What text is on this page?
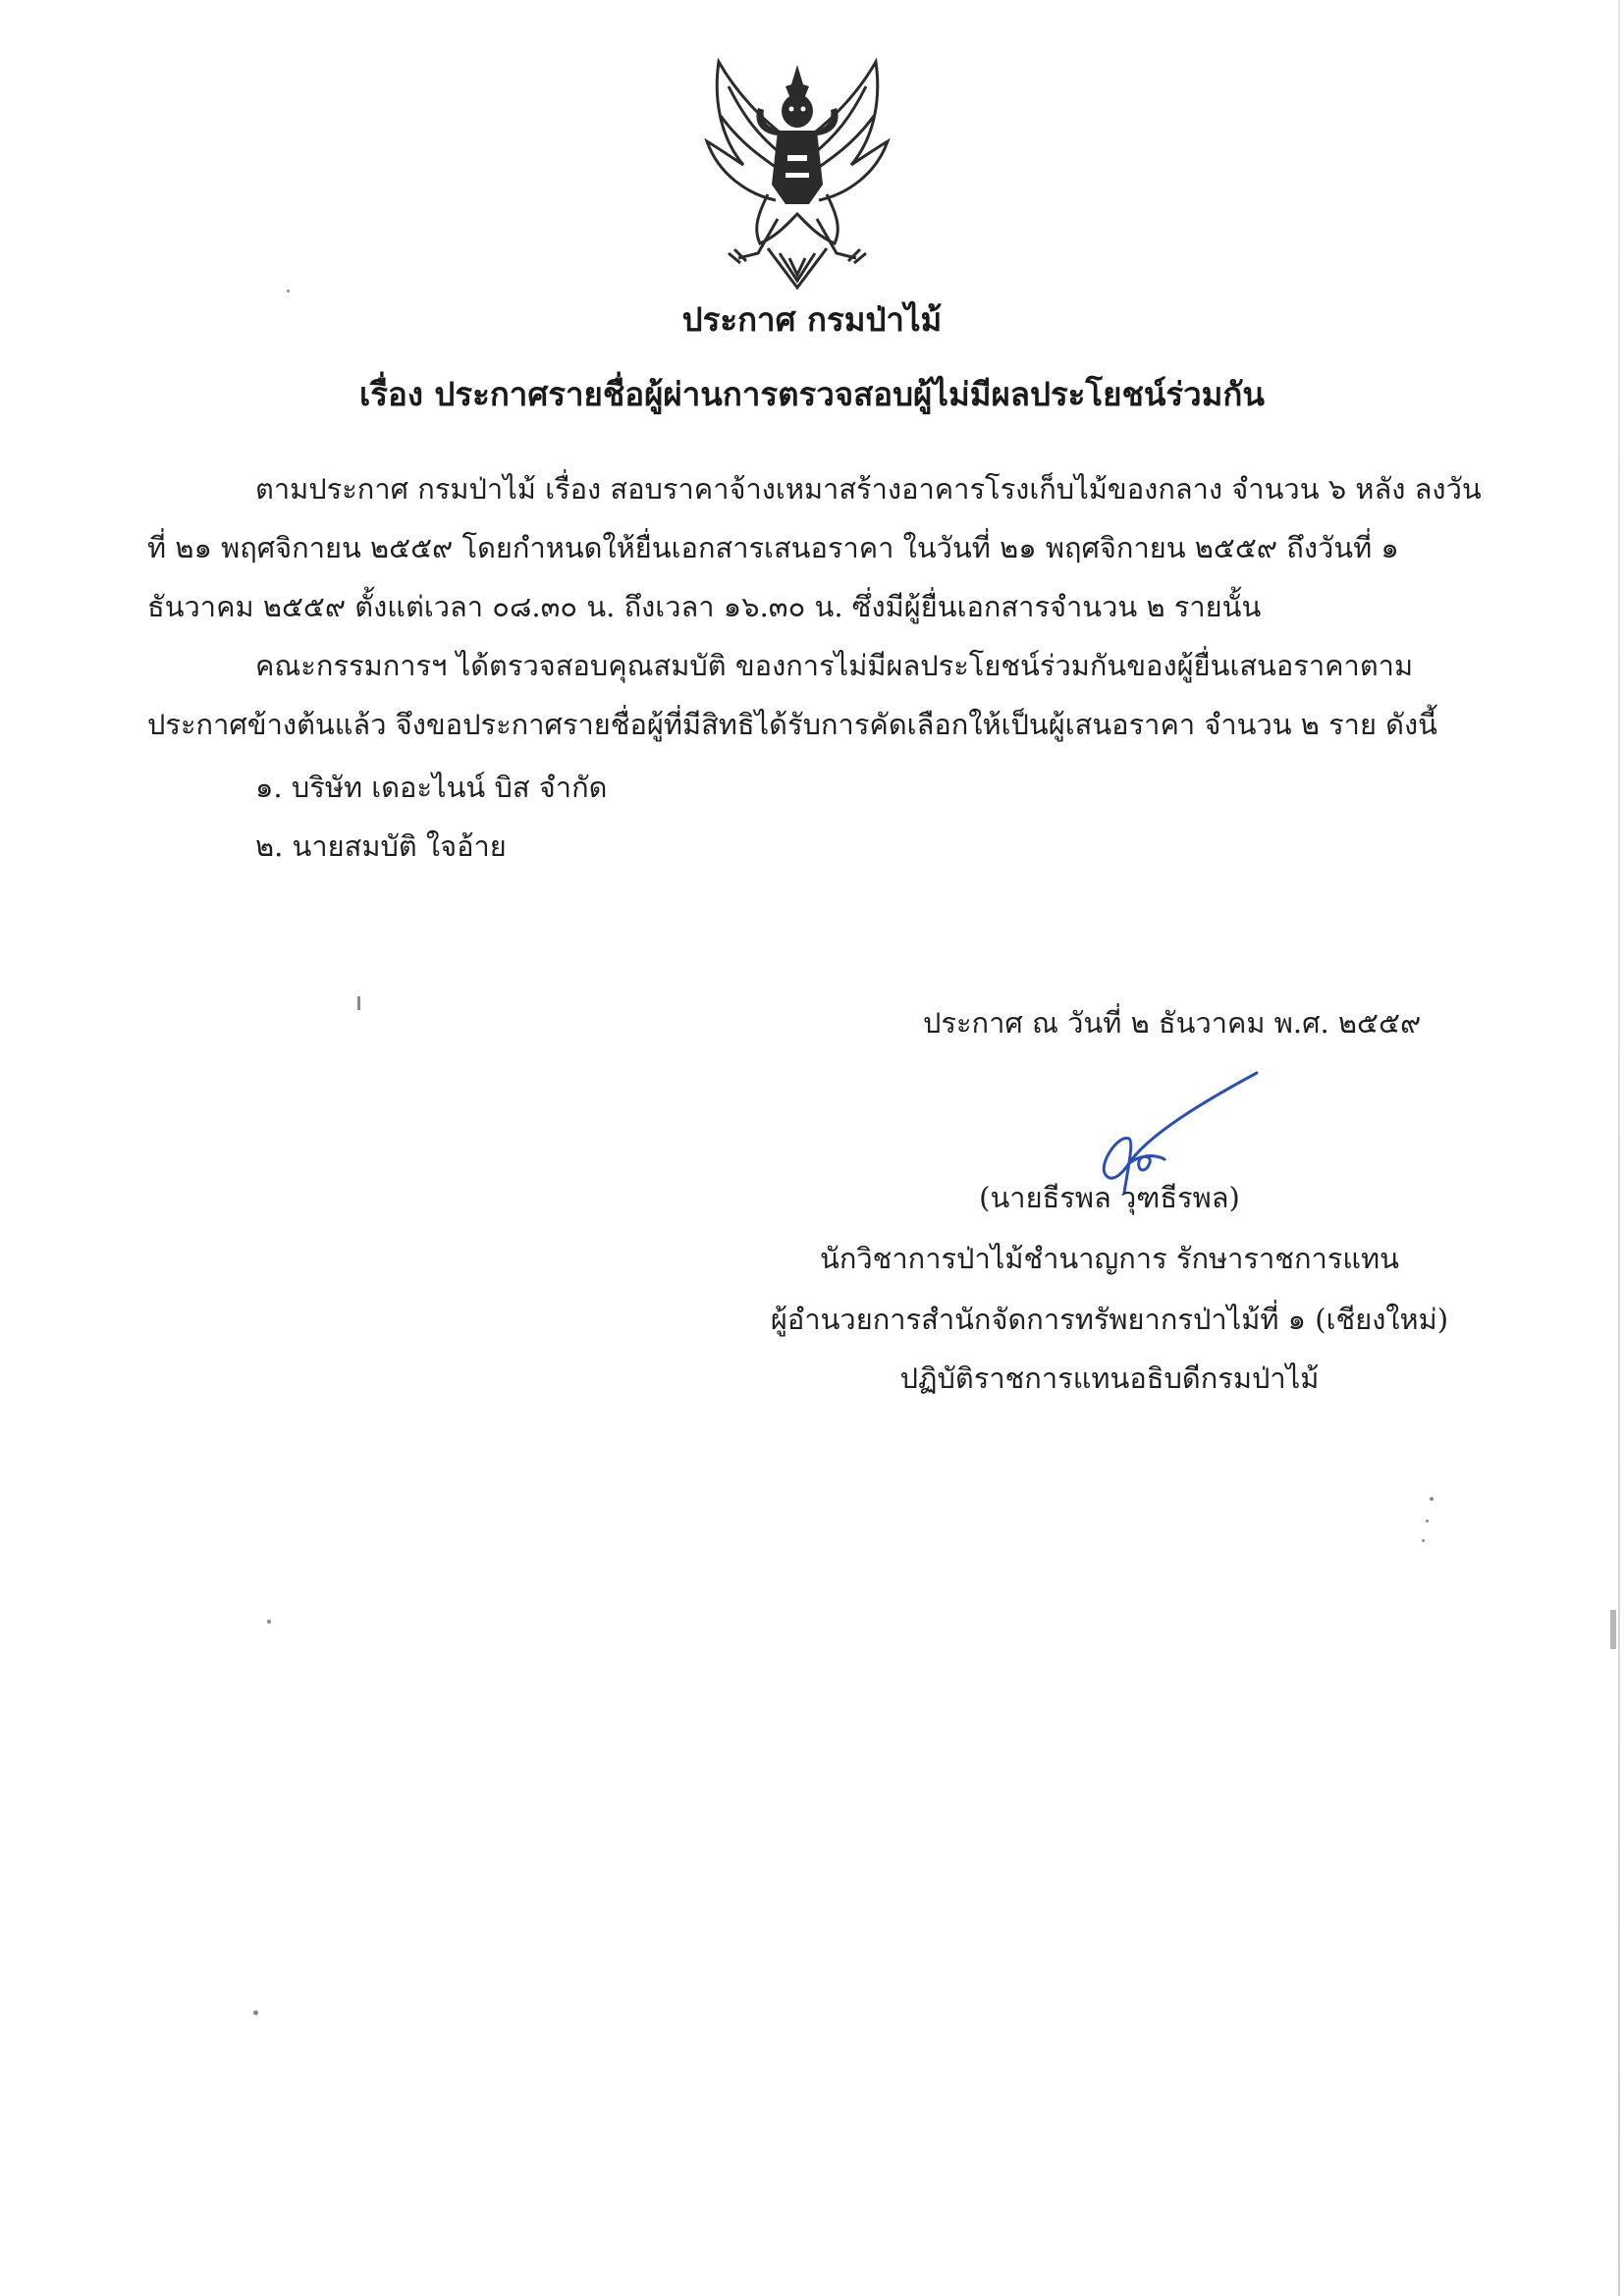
ประกาศ กรมป่าไม้
เรื่อง ประกาศรายชื่อผู้ผ่านการตรวจสอบผู้ไม่มีผลประโยชน์ร่วมกัน
ตามประกาศ กรมป่าไม้ เรื่อง สอบราคาจ้างเหมาสร้างอาคารโรงเก็บไม้ของกลาง จำนวน ๖ หลัง ลงวัน
ที่ ๒๑ พฤศจิกายน ๒๕๕๙ โดยกำหนดให้ยื่นเอกสารเสนอราคา ในวันที่ ๒๑ พฤศจิกายน ๒๕๕๙ ถึงวันที่ ๑
ธันวาคม ๒๕๕๙ ตั้งแต่เวลา ๐๘.๓๐ น. ถึงเวลา ๑๖.๓๐ น. ซึ่งมีผู้ยื่นเอกสารจำนวน ๒ รายนั้น
คณะกรรมการฯ ได้ตรวจสอบคุณสมบัติ ของการไม่มีผลประโยชน์ร่วมกันของผู้ยื่นเสนอราคาตาม
ประกาศข้างต้นแล้ว จึงขอประกาศรายชื่อผู้ที่มีสิทธิได้รับการคัดเลือกให้เป็นผู้เสนอราคา จำนวน ๒ ราย ดังนี้
๑. บริษัท เดอะไนน์ บิส จำกัด
๒. นายสมบัติ ใจอ้าย
ประกาศ ณ วันที่ ๒ ธันวาคม พ.ศ. ๒๕๕๙
(นายธีรพล วุฑธีรพล)
นักวิชาการป่าไม้ชำนาญการ รักษาราชการแทน
ผู้อำนวยการสำนักจัดการทรัพยากรป่าไม้ที่ ๑ (เชียงใหม่)
ปฏิบัติราชการแทนอธิบดีกรมป่าไม้
